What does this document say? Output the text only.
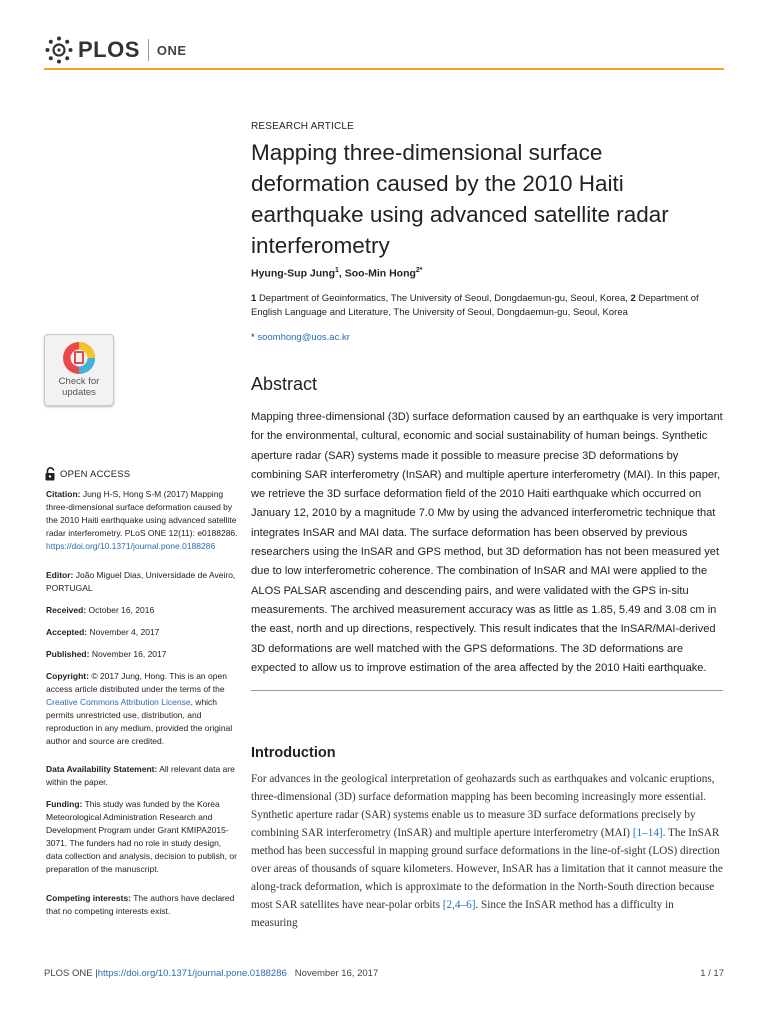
PLOS ONE
RESEARCH ARTICLE
Mapping three-dimensional surface deformation caused by the 2010 Haiti earthquake using advanced satellite radar interferometry
Hyung-Sup Jung$^1$, Soo-Min Hong$^{2*}$
1 Department of Geoinformatics, The University of Seoul, Dongdaemun-gu, Seoul, Korea, 2 Department of English Language and Literature, The University of Seoul, Dongdaemun-gu, Seoul, Korea
* soomhong@uos.ac.kr
Abstract
Mapping three-dimensional (3D) surface deformation caused by an earthquake is very important for the environmental, cultural, economic and social sustainability of human beings. Synthetic aperture radar (SAR) systems made it possible to measure precise 3D deformations by combining SAR interferometry (InSAR) and multiple aperture interferometry (MAI). In this paper, we retrieve the 3D surface deformation field of the 2010 Haiti earthquake which occurred on January 12, 2010 by a magnitude 7.0 Mw by using the advanced interferometric technique that integrates InSAR and MAI data. The surface deformation has been observed by previous researchers using the InSAR and GPS method, but 3D deformation has not been measured yet due to low interferometric coherence. The combination of InSAR and MAI were applied to the ALOS PALSAR ascending and descending pairs, and were validated with the GPS in-situ measurements. The archived measurement accuracy was as little as 1.85, 5.49 and 3.08 cm in the east, north and up directions, respectively. This result indicates that the InSAR/MAI-derived 3D deformations are well matched with the GPS deformations. The 3D deformations are expected to allow us to improve estimation of the area affected by the 2010 Haiti earthquake.
Introduction
For advances in the geological interpretation of geohazards such as earthquakes and volcanic eruptions, three-dimensional (3D) surface deformation mapping has been becoming increasingly more essential. Synthetic aperture radar (SAR) systems enable us to measure 3D surface deformations precisely by combining SAR interferometry (InSAR) and multiple aperture interferometry (MAI) [1–14]. The InSAR method has been successful in mapping ground surface deformations in the line-of-sight (LOS) direction over areas of thousands of square kilometers. However, InSAR has a limitation that it cannot measure the along-track deformation, which is approximate to the deformation in the North-South direction because most SAR satellites have near-polar orbits [2,4–6]. Since the InSAR method has a difficulty in measuring
Check for updates
OPEN ACCESS
Citation: Jung H-S, Hong S-M (2017) Mapping three-dimensional surface deformation caused by the 2010 Haiti earthquake using advanced satellite radar interferometry. PLoS ONE 12(11): e0188286. https://doi.org/10.1371/journal.pone.0188286
Editor: João Miguel Dias, Universidade de Aveiro, PORTUGAL
Received: October 16, 2016
Accepted: November 4, 2017
Published: November 16, 2017
Copyright: © 2017 Jung, Hong. This is an open access article distributed under the terms of the Creative Commons Attribution License, which permits unrestricted use, distribution, and reproduction in any medium, provided the original author and source are credited.
Data Availability Statement: All relevant data are within the paper.
Funding: This study was funded by the Korea Meteorological Administration Research and Development Program under Grant KMIPA2015-3071. The funders had no role in study design, data collection and analysis, decision to publish, or preparation of the manuscript.
Competing interests: The authors have declared that no competing interests exist.
PLOS ONE | https://doi.org/10.1371/journal.pone.0188286 November 16, 2017	1 / 17
